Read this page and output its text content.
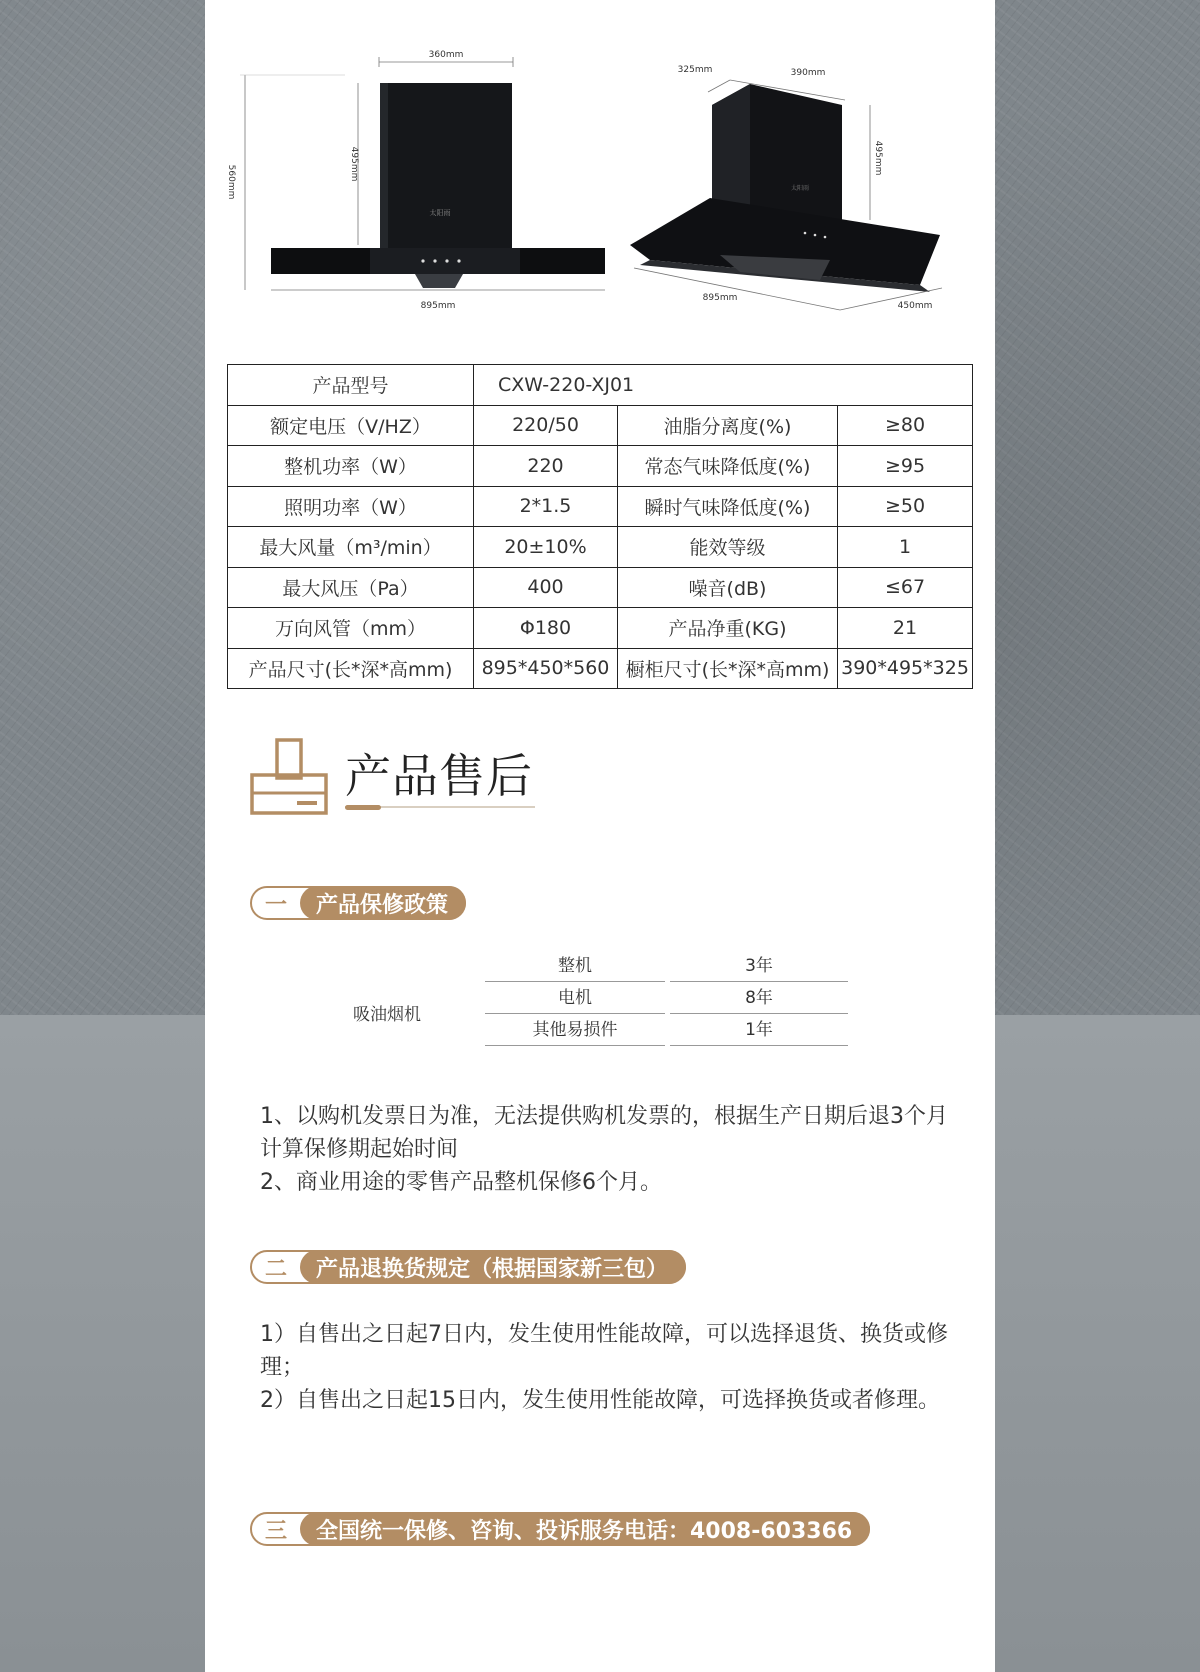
360mm
495mm
560mm
太阳雨
895mm
325mm	390mm
495mm
太阳雨
895mm
450mm
产品型号	CXW-220-XJ01		
额定电压（V/HZ）	220/50	油脂分离度(%)	≥80
整机功率（W）	220	常态气味降低度(%)	≥95
照明功率（W）	2*1.5	瞬时气味降低度(%)	≥50
最大风量（m³/min）	20±10%	能效等级	1
最大风压（Pa）	400	噪音(dB)	≤67
万向风管（mm）	Φ180	产品净重(KG)	21
产品尺寸(长*深*高mm)	895*450*560	橱柜尺寸(长*深*高mm)	390*495*325
产品售后
一	产品保修政策
吸油烟机
整机	3年
电机	8年
其他易损件	1年

1、以购机发票日为准，无法提供购机发票的，根据生产日期后退3个月计算保修期起始时间

2、商业用途的零售产品整机保修6个月。

二	产品退换货规定（根据国家新三包）

1）自售出之日起7日内，发生使用性能故障，可以选择退货、换货或修理；

2）自售出之日起15日内，发生使用性能故障，可选择换货或者修理。

三	全国统一保修、咨询、投诉服务电话：4008-603366
